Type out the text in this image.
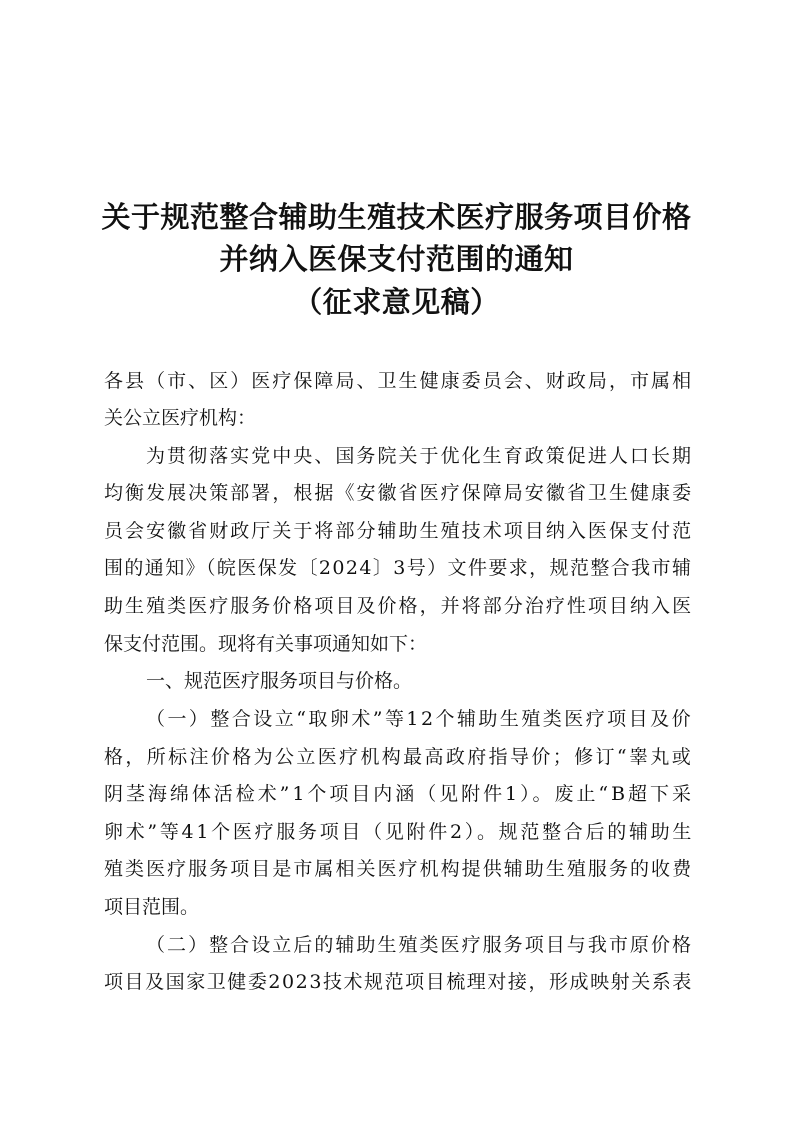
关于规范整合辅助生殖技术医疗服务项目价格
并纳入医保支付范围的通知
（征求意见稿）
各县（市、区）医疗保障局、卫生健康委员会、财政局，市属相
关公立医疗机构：
为贯彻落实党中央、国务院关于优化生育政策促进人口长期
均衡发展决策部署，根据《安徽省医疗保障局安徽省卫生健康委
员会安徽省财政厅关于将部分辅助生殖技术项目纳入医保支付范
围的通知》（皖医保发〔2024〕3号）文件要求，规范整合我市辅
助生殖类医疗服务价格项目及价格，并将部分治疗性项目纳入医
保支付范围。现将有关事项通知如下：
一、规范医疗服务项目与价格。
（一）整合设立“取卵术”等12个辅助生殖类医疗项目及价
格，所标注价格为公立医疗机构最高政府指导价；修订“睾丸或
阴茎海绵体活检术”1个项目内涵（见附件1）。废止“B超下采
卵术”等41个医疗服务项目（见附件2）。规范整合后的辅助生
殖类医疗服务项目是市属相关医疗机构提供辅助生殖服务的收费
项目范围。
（二）整合设立后的辅助生殖类医疗服务项目与我市原价格
项目及国家卫健委2023技术规范项目梳理对接，形成映射关系表
